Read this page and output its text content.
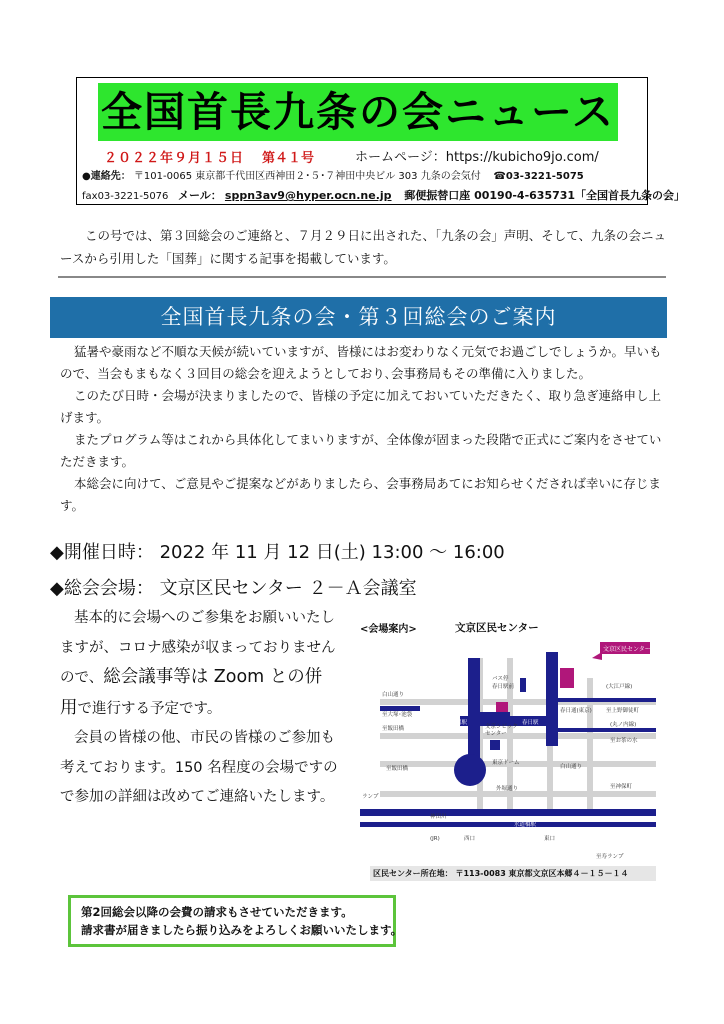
全国首長九条の会ニュース
２０２２年９月１５日 第４１号	ホームページ：https://kubicho9jo.com/
●連絡先： 〒101-0065 東京都千代田区西神田２･５･７神田中央ビル 303 九条の会気付 ☎03-3221-5075
fax03-3221-5076 メール： sppn3av9@hyper.ocn.ne.jp 郵便振替口座 00190-4-635731「全国首長九条の会」
この号では、第３回総会のご連絡と、７月２９日に出された、「九条の会」声明、そして、九条の会ニュースから引用した「国葬」に関する記事を掲載しています。
全国首長九条の会・第３回総会のご案内
猛暑や豪雨など不順な天候が続いていますが、皆様にはお変わりなく元気でお過ごしでしょうか。早いもので、当会もまもなく３回目の総会を迎えようとしており､会事務局もその準備に入りました。
このたび日時・会場が決まりましたので、皆様の予定に加えておいていただきたく、取り急ぎ連絡申し上げます。
またプログラム等はこれから具体化してまいりますが、全体像が固まった段階で正式にご案内をさせていただきます。
本総会に向けて、ご意見やご提案などがありましたら、会事務局あてにお知らせくだされば幸いに存じます。
◆開催日時： 2022 年 11 月 12 日(土) 13:00 ～ 16:00
◆総会会場： 文京区民センター ２－Ａ会議室

基本的に会場へのご参集をお願いいたしますが、コロナ感染が収まっておりませんので、総会議事等は Zoom との併用で進行する予定です。

会員の皆様の他、市民の皆様のご参加も考えております。150 名程度の会場ですので参加の詳細は改めてご連絡いたします。

第2回総会以降の会費の請求もさせていただきます。
請求書が届きましたら振り込みをよろしくお願いいたします。
<会場案内>	文京区民センター
文京区民センター
白山通り
至大塚･池袋
至飯田橋
バス停
春日駅前
後楽園駅	春日駅
文京シビック
センター
(大江戸線)
春日通(東京)	至上野御徒町
(丸ノ内線)
至お茶の水
東京ドーム
外堀通り
至飯田橋
ランプ
神田川
(JR)
水道橋駅
西口	東口
至神保町
至寿ランプ
白山通り
区民センター所在地： 〒113-0083 東京都文京区本郷４－１５－１４
